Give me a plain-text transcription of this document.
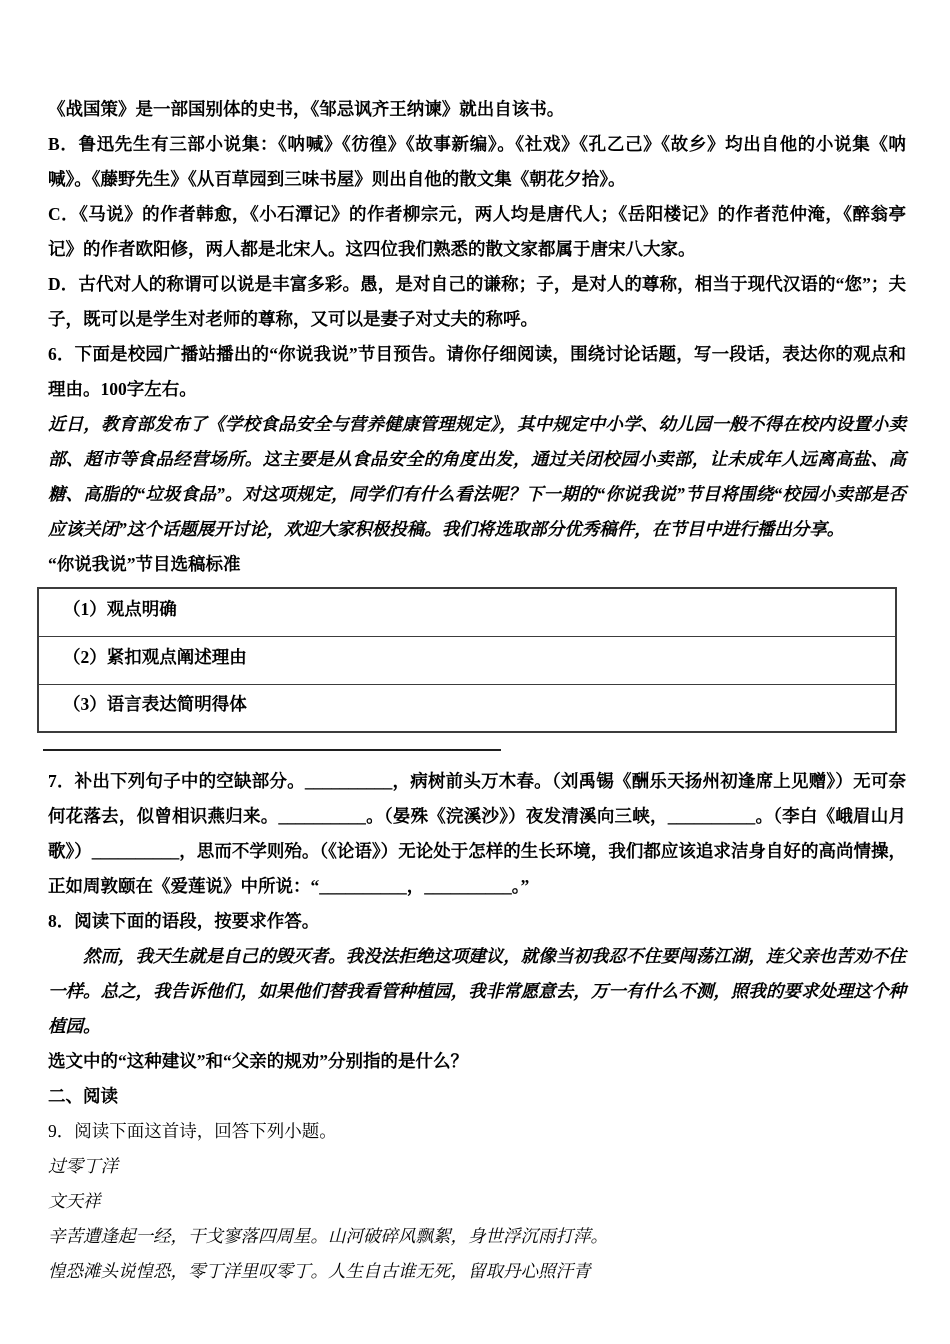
《战国策》是一部国别体的史书，《邹忌讽齐王纳谏》就出自该书。

B．鲁迅先生有三部小说集：《呐喊》《彷徨》《故事新编》。《社戏》《孔乙己》《故乡》均出自他的小说集《呐喊》。《藤野先生》《从百草园到三味书屋》则出自他的散文集《朝花夕拾》。

C．《马说》的作者韩愈，《小石潭记》的作者柳宗元，两人均是唐代人；《岳阳楼记》的作者范仲淹，《醉翁亭记》的作者欧阳修，两人都是北宋人。这四位我们熟悉的散文家都属于唐宋八大家。

D．古代对人的称谓可以说是丰富多彩。愚，是对自己的谦称；子，是对人的尊称，相当于现代汉语的“您”；夫子，既可以是学生对老师的尊称，又可以是妻子对丈夫的称呼。

6．下面是校园广播站播出的“你说我说”节目预告。请你仔细阅读，围绕讨论话题，写一段话，表达你的观点和理由。100字左右。

近日，教育部发布了《学校食品安全与营养健康管理规定》，其中规定中小学、幼儿园一般不得在校内设置小卖部、超市等食品经营场所。这主要是从食品安全的角度出发，通过关闭校园小卖部，让未成年人远离高盐、高糖、高脂的“垃圾食品”。对这项规定，同学们有什么看法呢？下一期的“你说我说”节目将围绕“校园小卖部是否应该关闭”这个话题展开讨论，欢迎大家积极投稿。我们将选取部分优秀稿件，在节目中进行播出分享。

“你说我说”节目选稿标准

（1）观点明确
（2）紧扣观点阐述理由
（3）语言表达简明得体

7．补出下列句子中的空缺部分。__________，病树前头万木春。（刘禹锡《酬乐天扬州初逢席上见赠》）无可奈何花落去，似曾相识燕归来。__________。（晏殊《浣溪沙》）夜发清溪向三峡，__________。（李白《峨眉山月歌》）__________，思而不学则殆。（《论语》）无论处于怎样的生长环境，我们都应该追求洁身自好的高尚情操，正如周敦颐在《爱莲说》中所说：“__________，__________。”

8．阅读下面的语段，按要求作答。

然而，我天生就是自己的毁灭者。我没法拒绝这项建议，就像当初我忍不住要闯荡江湖，连父亲也苦劝不住一样。总之，我告诉他们，如果他们替我看管种植园，我非常愿意去，万一有什么不测，照我的要求处理这个种植园。

选文中的“这种建议”和“父亲的规劝”分别指的是什么？

二、阅读

9．阅读下面这首诗，回答下列小题。

过零丁洋

文天祥

辛苦遭逢起一经，干戈寥落四周星。山河破碎风飘絮，身世浮沉雨打萍。

惶恐滩头说惶恐，零丁洋里叹零丁。人生自古谁无死，留取丹心照汗青
